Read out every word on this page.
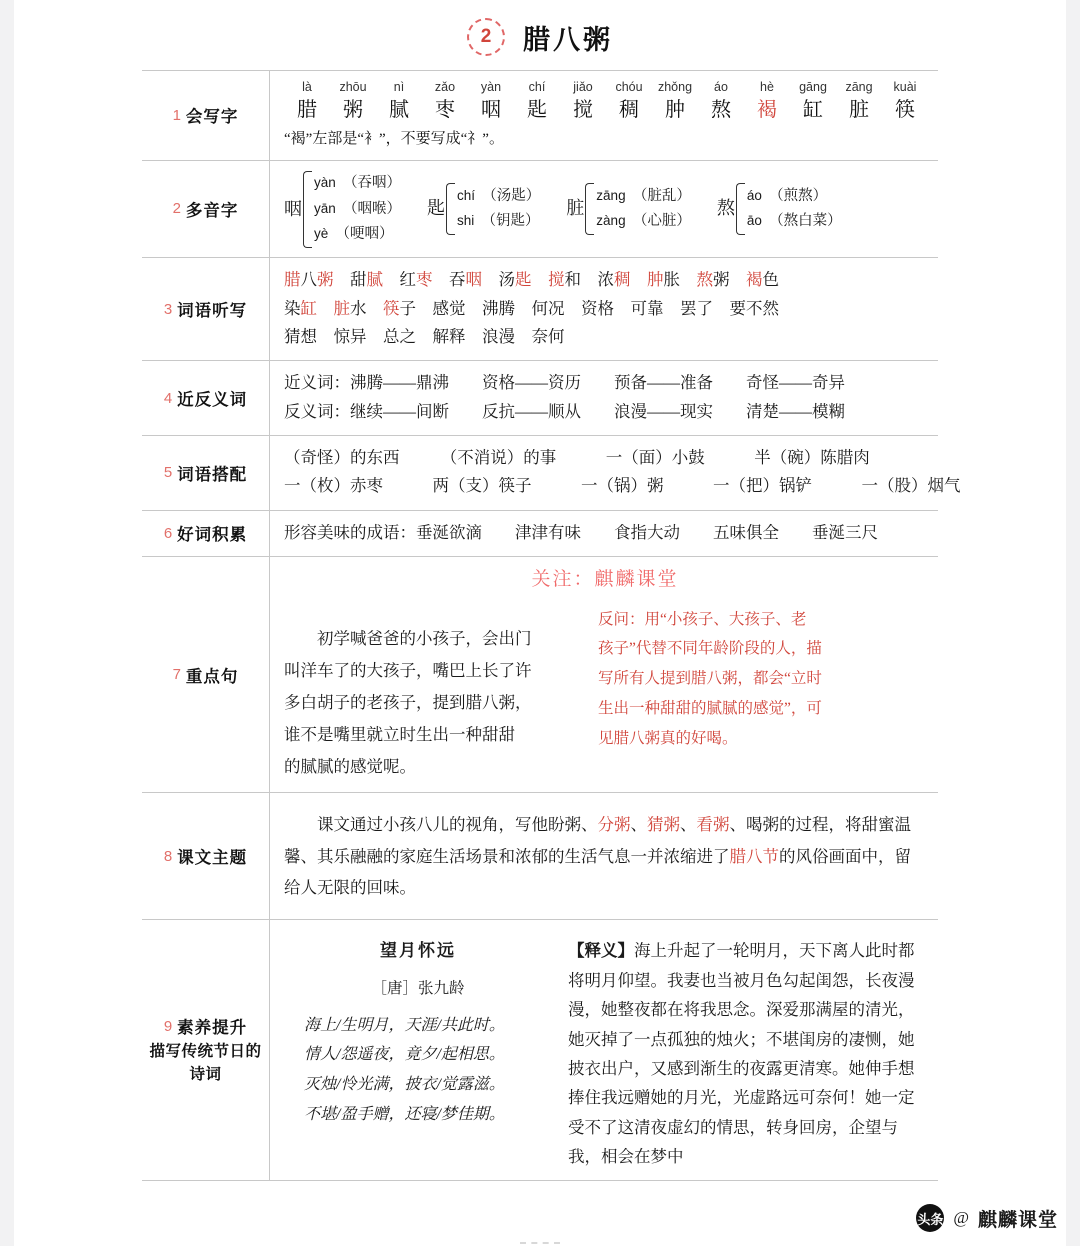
2	腊八粥
1 会写字
là
腊
zhōu
粥
nì
腻
zǎo
枣
yàn
咽
chí
匙
jiǎo
搅
chóu
稠
zhǒng
肿
áo
熬
hè
褐
gāng
缸
zāng
脏
kuài
筷
“褐”左部是“衤”，不要写成“礻”。
2 多音字	咽
yàn　（吞咽）
yān　（咽喉）
yè　（哽咽）
匙
chí　（汤匙）
shi　（钥匙）
脏
zāng　（脏乱）
zàng　（心脏）
熬
áo　（煎熬）
āo　（熬白菜）
3 词语听写
腊八粥　 甜腻　 红枣　 吞咽　 汤匙　 搅和　 浓稠　 肿胀　 熬粥　 褐色
染缸　 脏水　 筷子　 感觉　 沸腾　 何况　 资格　 可靠　 罢了　 要不然
猜想　 惊异　 总之　 解释　 浪漫　 奈何
4 近反义词
近义词：沸腾——鼎沸　　资格——资历　　预备——准备　　奇怪——奇异
反义词：继续——间断　　反抗——顺从　　浪漫——现实　　清楚——模糊
5 词语搭配
（奇怪）的东西　　　（不消说）的事　　　一（面）小鼓　　　半（碗）陈腊肉
一（枚）赤枣　　　两（支）筷子　　　一（锅）粥　　　一（把）锅铲　　　一（股）烟气
6 好词积累 形容美味的成语：垂涎欲滴　　津津有味　　食指大动　　五味俱全　　垂涎三尺
7 重点句
关注：麒麟课堂
初学喊爸爸的小孩子，会出门
叫洋车了的大孩子，嘴巴上长了许
多白胡子的老孩子，提到腊八粥，
谁不是嘴里就立时生出一种甜甜
的腻腻的感觉呢。
反问：用“小孩子、大孩子、老
孩子”代替不同年龄阶段的人，描
写所有人提到腊八粥，都会“立时
生出一种甜甜的腻腻的感觉”，可
见腊八粥真的好喝。
8 课文主题
　　课文通过小孩八儿的视角，写他盼粥、分粥、猜粥、看粥、喝粥的过程，将甜蜜温馨、其乐融融的家庭生活场景和浓郁的生活气息一并浓缩进了腊八节的风俗画面中，留给人无限的回味。
9 素养提升
描写传统节日的诗词
望月怀远
［唐］张九龄
海上/生明月，天涯/共此时。
情人/怨遥夜，竟夕/起相思。
灭烛/怜光满，披衣/觉露滋。
不堪/盈手赠，还寝/梦佳期。
【释义】海上升起了一轮明月，天下离人此时都将明月仰望。我妻也当被月色勾起闺怨，长夜漫漫，她整夜都在将我思念。深爱那满屋的清光，她灭掉了一点孤独的烛火；不堪闺房的凄恻，她披衣出户，又感到渐生的夜露更清寒。她伸手想捧住我远赠她的月光，光虚路远可奈何！她一定受不了这清夜虚幻的情思，转身回房，企望与我，相会在梦中
头条 @ 麒麟课堂
